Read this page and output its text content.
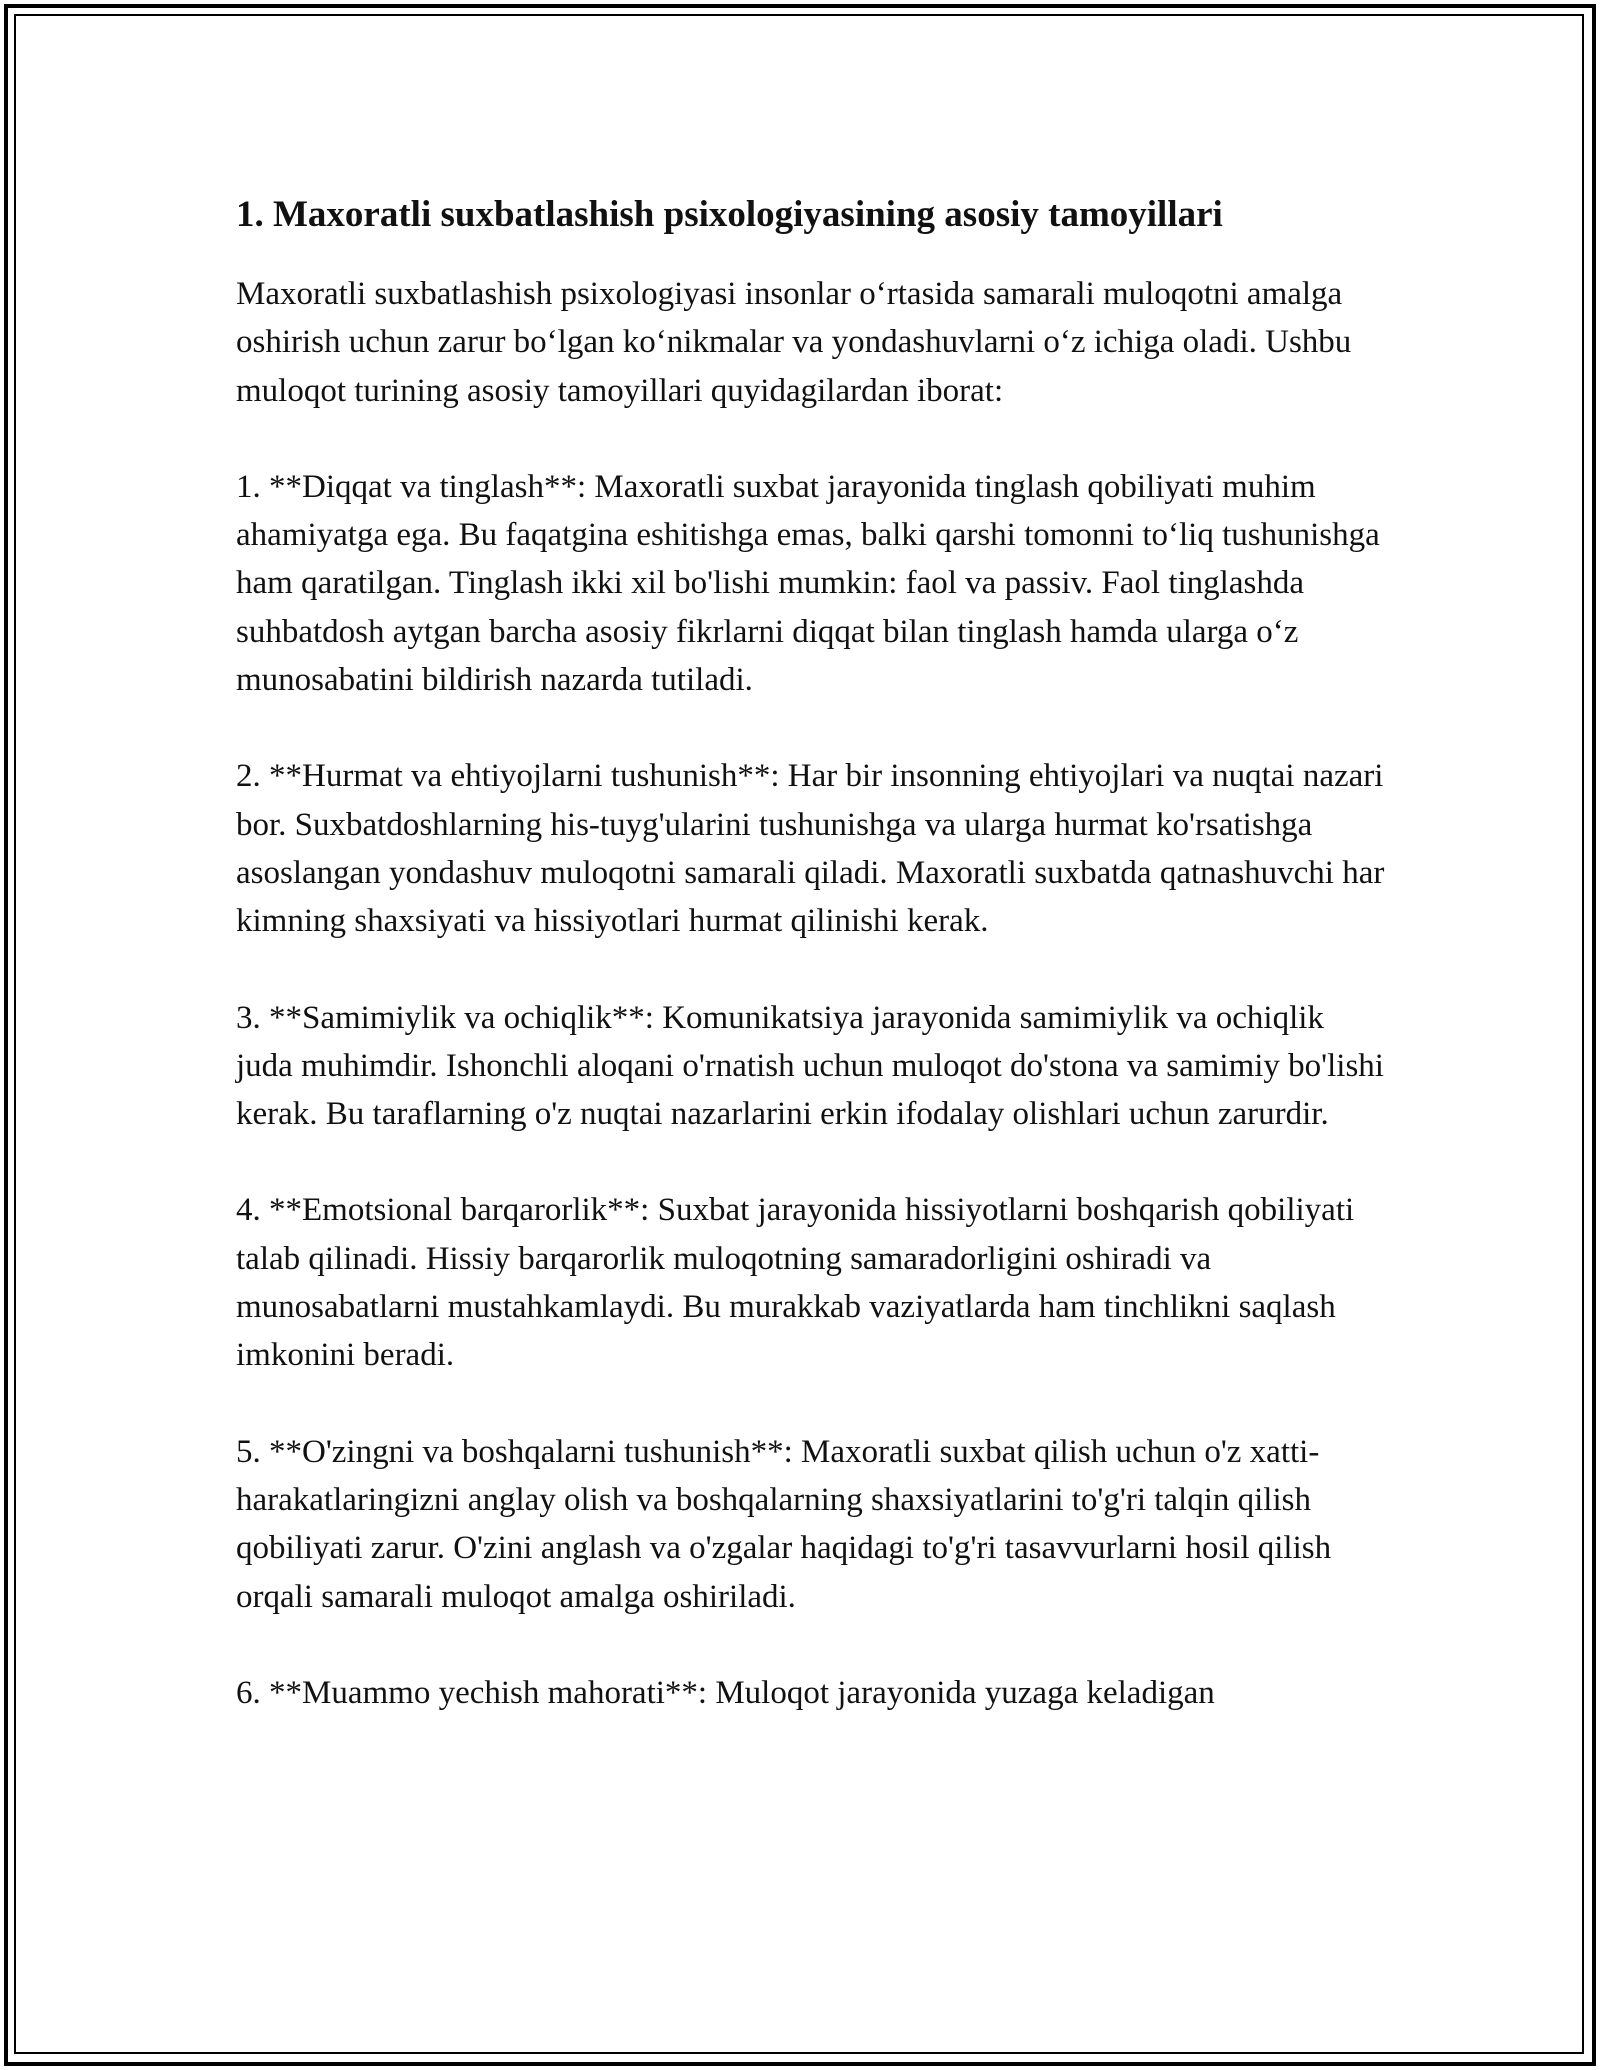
1. Maxoratli suxbatlashish psixologiyasining asosiy tamoyillari

Maxoratli suxbatlashish psixologiyasi insonlar oʻrtasida samarali muloqotni amalga oshirish uchun zarur boʻlgan koʻnikmalar va yondashuvlarni oʻz ichiga oladi. Ushbu muloqot turining asosiy tamoyillari quyidagilardan iborat:

1. **Diqqat va tinglash**: Maxoratli suxbat jarayonida tinglash qobiliyati muhim ahamiyatga ega. Bu faqatgina eshitishga emas, balki qarshi tomonni toʻliq tushunishga ham qaratilgan. Tinglash ikki xil bo'lishi mumkin: faol va passiv. Faol tinglashda suhbatdosh aytgan barcha asosiy fikrlarni diqqat bilan tinglash hamda ularga oʻz munosabatini bildirish nazarda tutiladi.

2. **Hurmat va ehtiyojlarni tushunish**: Har bir insonning ehtiyojlari va nuqtai nazari bor. Suxbatdoshlarning his-tuyg'ularini tushunishga va ularga hurmat ko'rsatishga asoslangan yondashuv muloqotni samarali qiladi. Maxoratli suxbatda qatnashuvchi har kimning shaxsiyati va hissiyotlari hurmat qilinishi kerak.

3. **Samimiylik va ochiqlik**: Komunikatsiya jarayonida samimiylik va ochiqlik juda muhimdir. Ishonchli aloqani o'rnatish uchun muloqot do'stona va samimiy bo'lishi kerak. Bu taraflarning o'z nuqtai nazarlarini erkin ifodalay olishlari uchun zarurdir.

4. **Emotsional barqarorlik**: Suxbat jarayonida hissiyotlarni boshqarish qobiliyati talab qilinadi. Hissiy barqarorlik muloqotning samaradorligini oshiradi va munosabatlarni mustahkamlaydi. Bu murakkab vaziyatlarda ham tinchlikni saqlash imkonini beradi.

5. **O'zingni va boshqalarni tushunish**: Maxoratli suxbat qilish uchun o'z xatti-harakatlaringizni anglay olish va boshqalarning shaxsiyatlarini to'g'ri talqin qilish qobiliyati zarur. O'zini anglash va o'zgalar haqidagi to'g'ri tasavvurlarni hosil qilish orqali samarali muloqot amalga oshiriladi.

6. **Muammo yechish mahorati**: Muloqot jarayonida yuzaga keladigan
